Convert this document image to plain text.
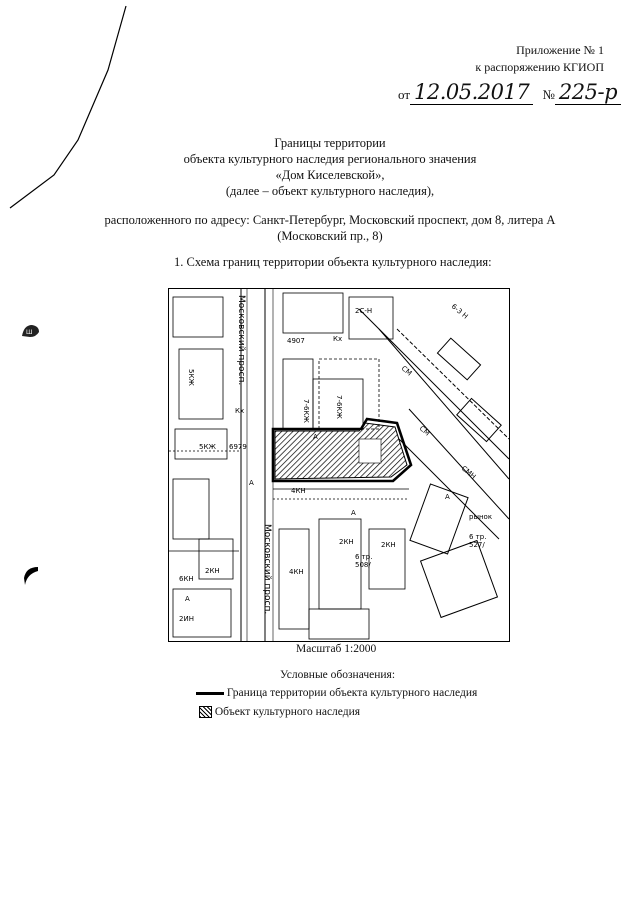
Ш
Приложение № 1
к распоряжению КГИОП
от 12.05.2017 № 225-р
Границы территории
объекта культурного наследия регионального значения
«Дом Киселевской»,
(далее – объект культурного наследия),
расположенного по адресу: Санкт-Петербург, Московский проспект, дом 8, литера А
(Московский пр., 8)
1. Схема границ территории объекта культурного наследия:
Московский просп.
Московский просп.
4КН
2КН	2КН
4КН
7-6КЖ	7-6КЖ
5КЖ
6КН
2КН
2ИН
СМ
СМ
СМН
6-3 Н
рынок
6 тр.
508/
6 тр.
527/
2С-Н
4907
6979
5КЖ
А
А
А
А
А
Кх
Кх
Масштаб 1:2000
Условные обозначения:
Граница территории объекта культурного наследия
Объект культурного наследия
